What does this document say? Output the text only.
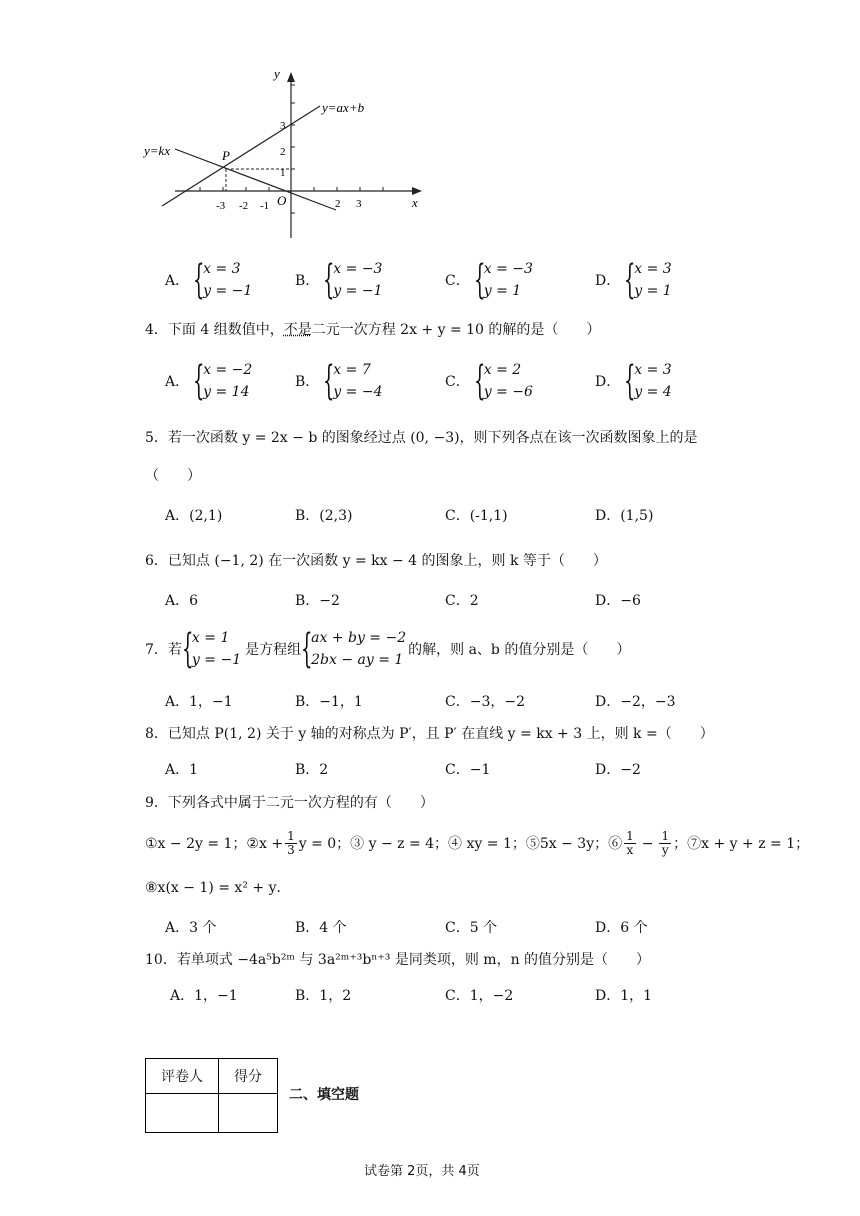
y
x
O
y=ax+b
y=kx	P
-3 -2 -1	2 3
3
2
1
A． {
x = 3
y = −1
B． {
x = −3
y = −1
C． {
x = −3
y = 1
D． {
x = 3
y = 1
4．下面 4 组数值中，不是二元一次方程 2x + y = 10 的解的是（　　）
A． {
x = −2
y = 14
B． {
x = 7
y = −4
C． {
x = 2
y = −6
D． {
x = 3
y = 4
5．若一次函数 y = 2x − b 的图象经过点 (0, −3)，则下列各点在该一次函数图象上的是
（　　）
A．(2,1)	B．(2,3)	C．(-1,1)	D．(1,5)
6．已知点 (−1, 2) 在一次函数 y = kx − 4 的图象上，则 k 等于（　　）
A．6	B．−2	C．2	D．−6
7．若 {
x = 1
y = −1
是方程组 {
ax + by = −2
2bx − ay = 1
的解，则 a、b 的值分别是（　　）
A．1，−1	B．−1，1	C．−3，−2	D．−2，−3
8．已知点 P(1, 2) 关于 y 轴的对称点为 P′，且 P′ 在直线 y = kx + 3 上，则 k =（　　）
A．1	B．2	C．−1	D．−2
9．下列各式中属于二元一次方程的有（　　）
①x − 2y = 1；②x + $\frac{1}{3}$ y = 0；③ y − z = 4；④ xy = 1；⑤5x − 3y；⑥ $\frac{1}{x} - \frac{1}{y}$ ；⑦x + y + z = 1；
⑧x(x − 1) = x² + y．
A．3 个	B．4 个	C．5 个	D．6 个
10．若单项式 −4a⁵b²ᵐ 与 3a²ᵐ⁺³bⁿ⁺³ 是同类项，则 m，n 的值分别是（　　）
A．1，−1	B．1，2	C．1，−2	D．1，1
评卷人	得分

二、填空题
试卷第 2页，共 4页
